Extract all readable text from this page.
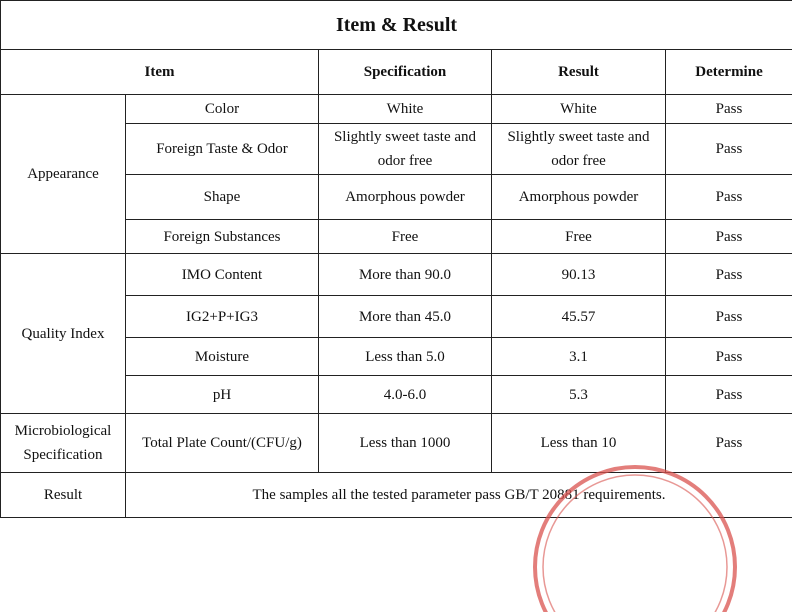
Item & Result				
Item		Specification	Result	Determine
Appearance	Color	White	White	Pass
	Foreign Taste & Odor	Slightly sweet taste and odor free	Slightly sweet taste and odor free	Pass
	Shape	Amorphous powder	Amorphous powder	Pass
	Foreign Substances	Free	Free	Pass
Quality Index	IMO Content	More than 90.0	90.13	Pass
	IG2+P+IG3	More than 45.0	45.57	Pass
	Moisture	Less than 5.0	3.1	Pass
	pH	4.0-6.0	5.3	Pass
Microbiological Specification	Total Plate Count/(CFU/g)	Less than 1000	Less than 10	Pass
Result	The samples all the tested parameter pass GB/T 20881 requirements.			
